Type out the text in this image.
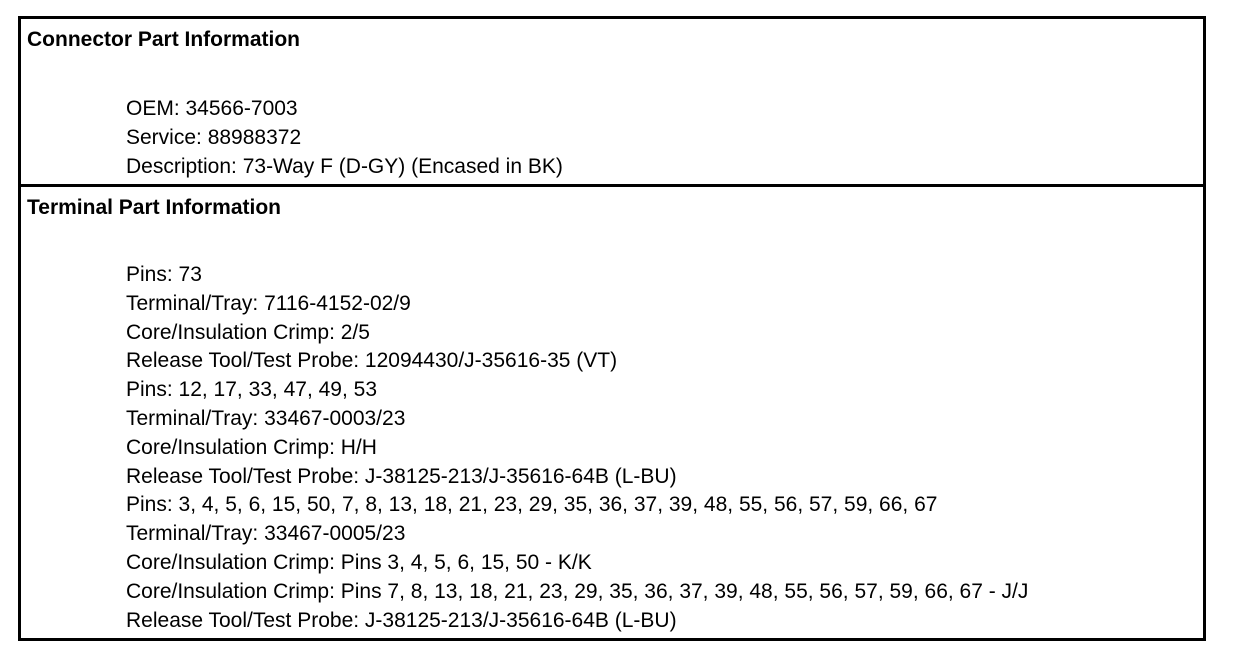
Connector Part Information
OEM: 34566-7003
Service: 88988372
Description: 73-Way F (D-GY) (Encased in BK)
Terminal Part Information
Pins: 73
Terminal/Tray: 7116-4152-02/9
Core/Insulation Crimp: 2/5
Release Tool/Test Probe: 12094430/J-35616-35 (VT)
Pins: 12, 17, 33, 47, 49, 53
Terminal/Tray: 33467-0003/23
Core/Insulation Crimp: H/H
Release Tool/Test Probe: J-38125-213/J-35616-64B (L-BU)
Pins: 3, 4, 5, 6, 15, 50, 7, 8, 13, 18, 21, 23, 29, 35, 36, 37, 39, 48, 55, 56, 57, 59, 66, 67
Terminal/Tray: 33467-0005/23
Core/Insulation Crimp: Pins 3, 4, 5, 6, 15, 50 - K/K
Core/Insulation Crimp: Pins 7, 8, 13, 18, 21, 23, 29, 35, 36, 37, 39, 48, 55, 56, 57, 59, 66, 67 - J/J
Release Tool/Test Probe: J-38125-213/J-35616-64B (L-BU)
